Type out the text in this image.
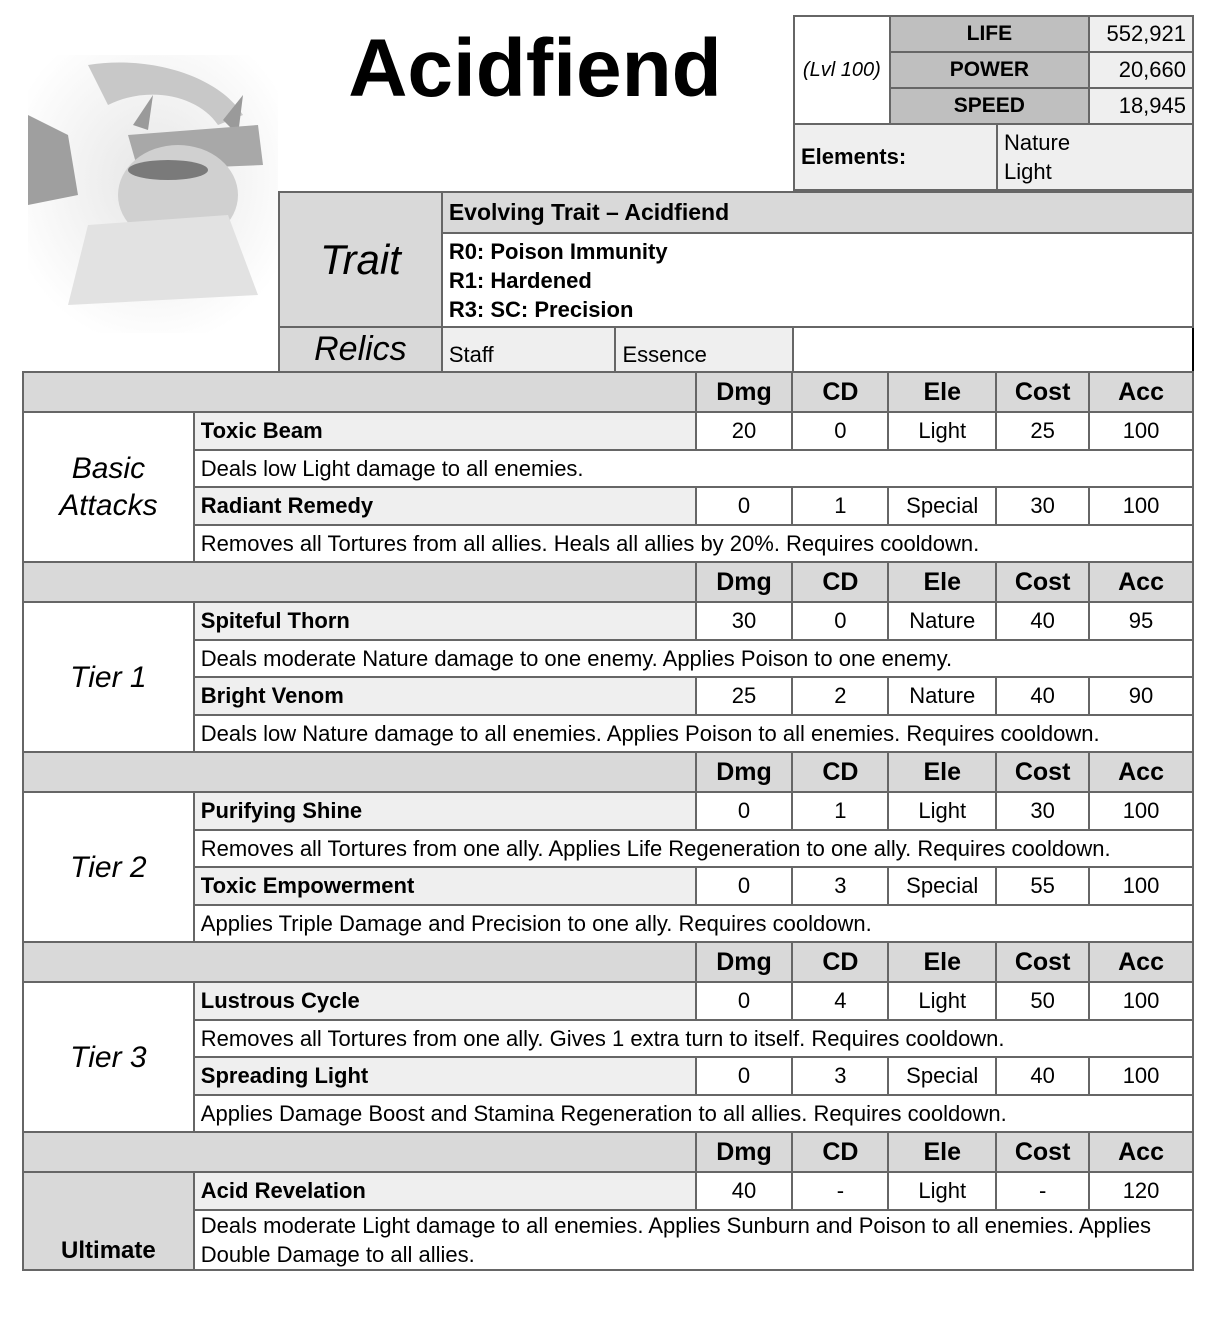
Acidfiend	(Lvl 100)	LIFE		552,921
	POWER		20,660
	SPEED		18,945
Elements:		Nature
Light	
Trait	Evolving Trait – Acidfiend		

	R0: Poison Immunity
R1: Hardened
R3: SC: Precision		

Relics	Staff	Essence	
		Dmg	CD	Ele	Cost	Acc
Basic Attacks	Toxic Beam	20	0	Light	25	100
	Deals low Light damage to all enemies.					
	Radiant Remedy	0	1	Special	30	100
	Removes all Tortures from all allies. Heals all allies by 20%. Requires cooldown.					
		Dmg	CD	Ele	Cost	Acc
Tier 1	Spiteful Thorn	30	0	Nature	40	95
	Deals moderate Nature damage to one enemy. Applies Poison to one enemy.					
	Bright Venom	25	2	Nature	40	90
	Deals low Nature damage to all enemies. Applies Poison to all enemies. Requires cooldown.					
		Dmg	CD	Ele	Cost	Acc
Tier 2	Purifying Shine	0	1	Light	30	100
	Removes all Tortures from one ally. Applies Life Regeneration to one ally. Requires cooldown.					
	Toxic Empowerment	0	3	Special	55	100
	Applies Triple Damage and Precision to one ally. Requires cooldown.					
		Dmg	CD	Ele	Cost	Acc
Tier 3	Lustrous Cycle	0	4	Light	50	100
	Removes all Tortures from one ally. Gives 1 extra turn to itself. Requires cooldown.					
	Spreading Light	0	3	Special	40	100
	Applies Damage Boost and Stamina Regeneration to all allies. Requires cooldown.					
		Dmg	CD	Ele	Cost	Acc
Ultimate	Acid Revelation	40	-	Light	-	120
	Deals moderate Light damage to all enemies. Applies Sunburn and Poison to all enemies. Applies Double Damage to all allies.					
